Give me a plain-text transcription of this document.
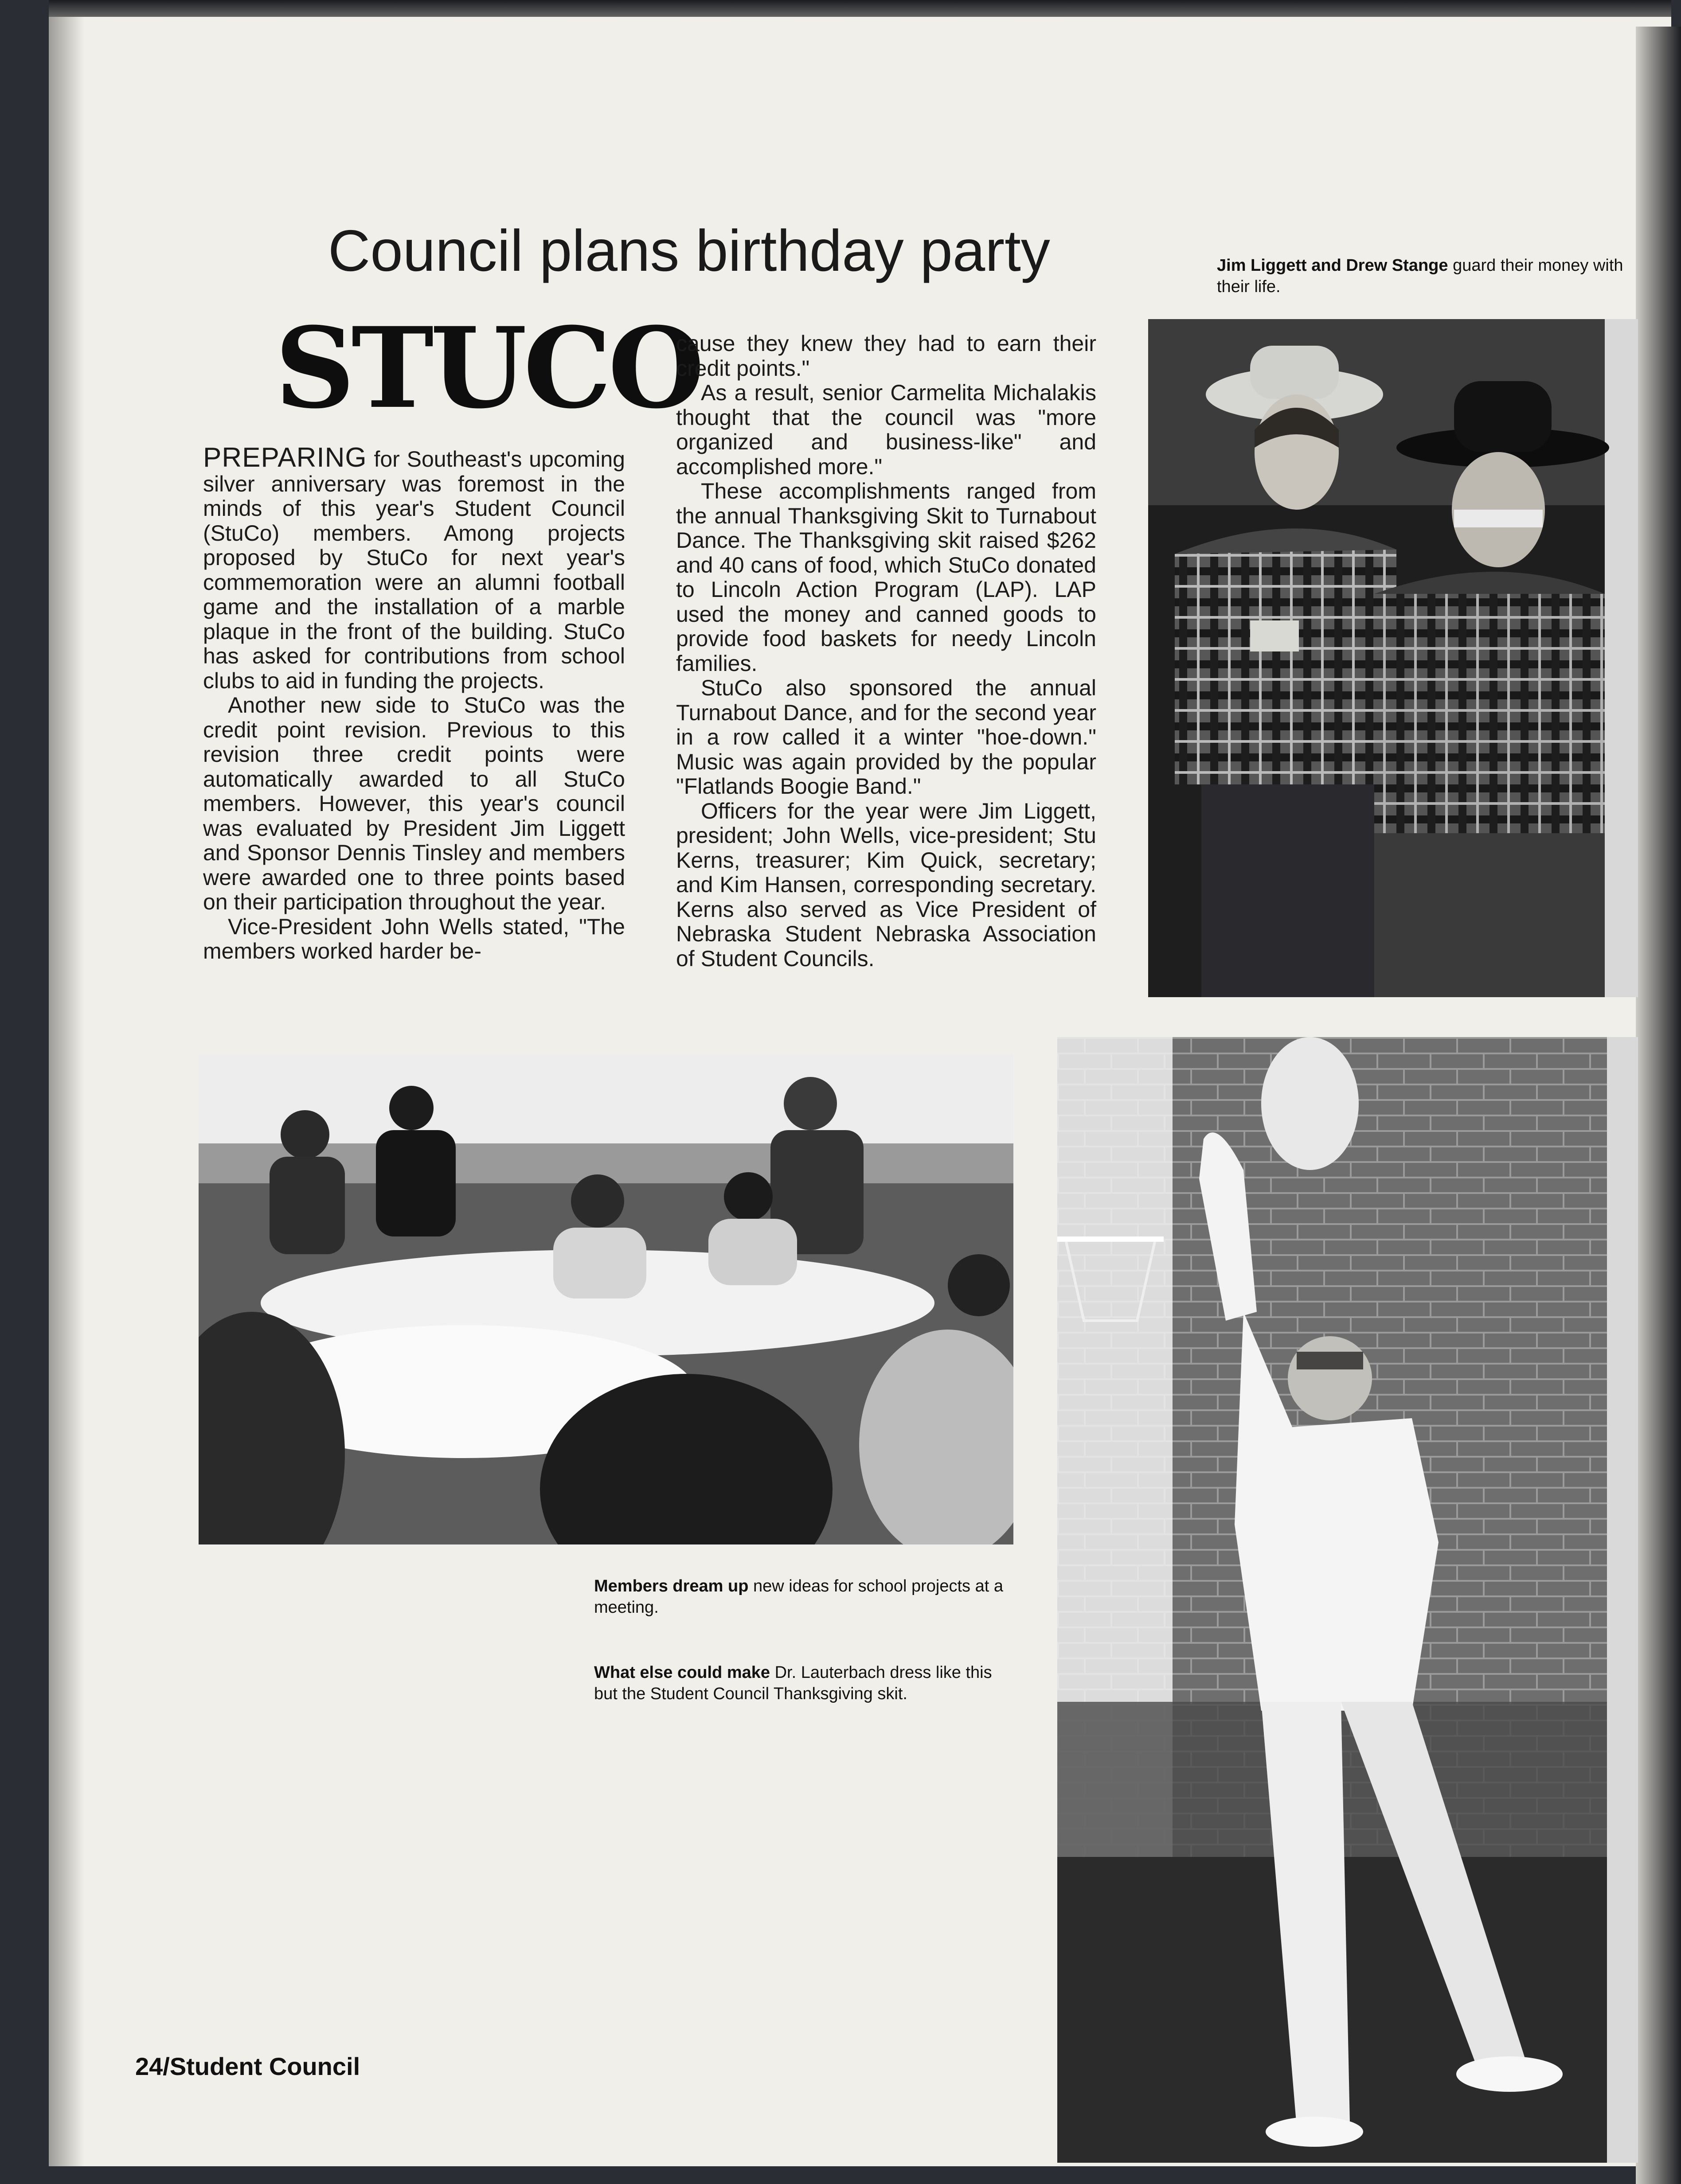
Council plans birthday party
STUCO

PREPARING for Southeast's upcoming silver anniversary was foremost in the minds of this year's Student Council (StuCo) members. Among projects proposed by StuCo for next year's commemoration were an alumni football game and the installation of a marble plaque in the front of the building. StuCo has asked for contributions from school clubs to aid in funding the projects.

Another new side to StuCo was the credit point revision. Previous to this revision three credit points were automatically awarded to all StuCo members. However, this year's council was evaluated by President Jim Liggett and Sponsor Dennis Tinsley and members were awarded one to three points based on their participation throughout the year.

Vice-President John Wells stated, "The members worked harder be-

cause they knew they had to earn their credit points."

As a result, senior Carmelita Michalakis thought that the council was "more organized and business-like" and accomplished more."

These accomplishments ranged from the annual Thanksgiving Skit to Turnabout Dance. The Thanksgiving skit raised $262 and 40 cans of food, which StuCo donated to Lincoln Action Program (LAP). LAP used the money and canned goods to provide food baskets for needy Lincoln families.

StuCo also sponsored the annual Turnabout Dance, and for the second year in a row called it a winter "hoe-down." Music was again provided by the popular "Flatlands Boogie Band."

Officers for the year were Jim Liggett, president; John Wells, vice-president; Stu Kerns, treasurer; Kim Quick, secretary; and Kim Hansen, corresponding secretary. Kerns also served as Vice President of Nebraska Student Nebraska Association of Student Councils.

Jim Liggett and Drew Stange guard their money with their life.

Members dream up new ideas for school projects at a meeting.

What else could make Dr. Lauterbach dress like this but the Student Council Thanksgiving skit.

24/Student Council
